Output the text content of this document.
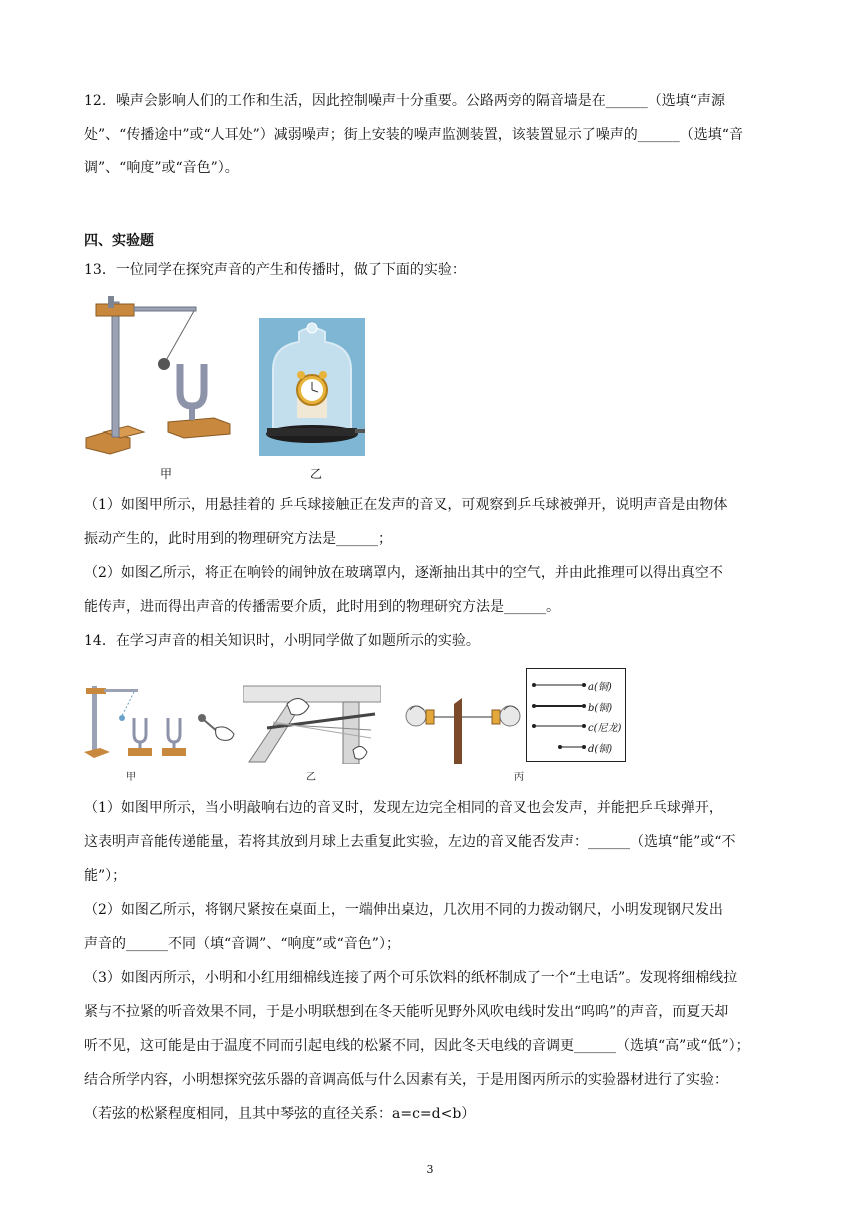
12．噪声会影响人们的工作和生活，因此控制噪声十分重要。公路两旁的隔音墙是在______（选填“声源
处”、“传播途中”或“人耳处”）减弱噪声；街上安装的噪声监测装置，该装置显示了噪声的______（选填“音
调”、“响度”或“音色”）。
四、实验题
13．一位同学在探究声音的产生和传播时，做了下面的实验：
甲	乙
（1）如图甲所示，用悬挂着的 乒乓球接触正在发声的音叉，可观察到乒乓球被弹开，说明声音是由物体
振动产生的，此时用到的物理研究方法是______；
（2）如图乙所示，将正在响铃的闹钟放在玻璃罩内，逐渐抽出其中的空气，并由此推理可以得出真空不
能传声，进而得出声音的传播需要介质，此时用到的物理研究方法是______。
14．在学习声音的相关知识时，小明同学做了如题所示的实验。
甲	乙	丙
a(铜)
b(铜)
c(尼龙)
d(铜)
（1）如图甲所示，当小明敲响右边的音叉时，发现左边完全相同的音叉也会发声，并能把乒乓球弹开，
这表明声音能传递能量，若将其放到月球上去重复此实验，左边的音叉能否发声：______（选填“能”或“不
能”）；
（2）如图乙所示，将钢尺紧按在桌面上，一端伸出桌边，几次用不同的力拨动钢尺，小明发现钢尺发出
声音的______不同（填“音调”、“响度”或“音色”）；
（3）如图丙所示，小明和小红用细棉线连接了两个可乐饮料的纸杯制成了一个“土电话”。发现将细棉线拉
紧与不拉紧的听音效果不同，于是小明联想到在冬天能听见野外风吹电线时发出“呜呜”的声音，而夏天却
听不见，这可能是由于温度不同而引起电线的松紧不同，因此冬天电线的音调更______（选填“高”或“低”）；
结合所学内容，小明想探究弦乐器的音调高低与什么因素有关，于是用图丙所示的实验器材进行了实验：
（若弦的松紧程度相同，且其中琴弦的直径关系：a=c=d<b）
3
